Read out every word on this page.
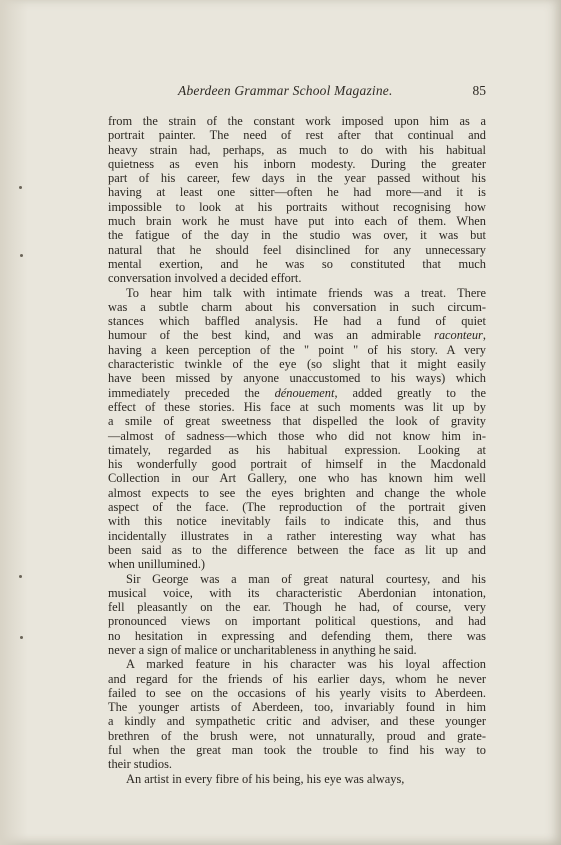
Aberdeen Grammar School Magazine.	85
from the strain of the constant work imposed upon him as a
portrait painter. The need of rest after that continual and
heavy strain had, perhaps, as much to do with his habitual
quietness as even his inborn modesty. During the greater
part of his career, few days in the year passed without his
having at least one sitter—often he had more—and it is
impossible to look at his portraits without recognising how
much brain work he must have put into each of them. When
the fatigue of the day in the studio was over, it was but
natural that he should feel disinclined for any unnecessary
mental exertion, and he was so constituted that much
conversation involved a decided effort.
To hear him talk with intimate friends was a treat. There
was a subtle charm about his conversation in such circum-
stances which baffled analysis. He had a fund of quiet
humour of the best kind, and was an admirable raconteur,
having a keen perception of the " point " of his story. A very
characteristic twinkle of the eye (so slight that it might easily
have been missed by anyone unaccustomed to his ways) which
immediately preceded the dénouement, added greatly to the
effect of these stories. His face at such moments was lit up by
a smile of great sweetness that dispelled the look of gravity
—almost of sadness—which those who did not know him in-
timately, regarded as his habitual expression. Looking at
his wonderfully good portrait of himself in the Macdonald
Collection in our Art Gallery, one who has known him well
almost expects to see the eyes brighten and change the whole
aspect of the face. (The reproduction of the portrait given
with this notice inevitably fails to indicate this, and thus
incidentally illustrates in a rather interesting way what has
been said as to the difference between the face as lit up and
when unillumined.)
Sir George was a man of great natural courtesy, and his
musical voice, with its characteristic Aberdonian intonation,
fell pleasantly on the ear. Though he had, of course, very
pronounced views on important political questions, and had
no hesitation in expressing and defending them, there was
never a sign of malice or uncharitableness in anything he said.
A marked feature in his character was his loyal affection
and regard for the friends of his earlier days, whom he never
failed to see on the occasions of his yearly visits to Aberdeen.
The younger artists of Aberdeen, too, invariably found in him
a kindly and sympathetic critic and adviser, and these younger
brethren of the brush were, not unnaturally, proud and grate-
ful when the great man took the trouble to find his way to
their studios.
An artist in every fibre of his being, his eye was always,
